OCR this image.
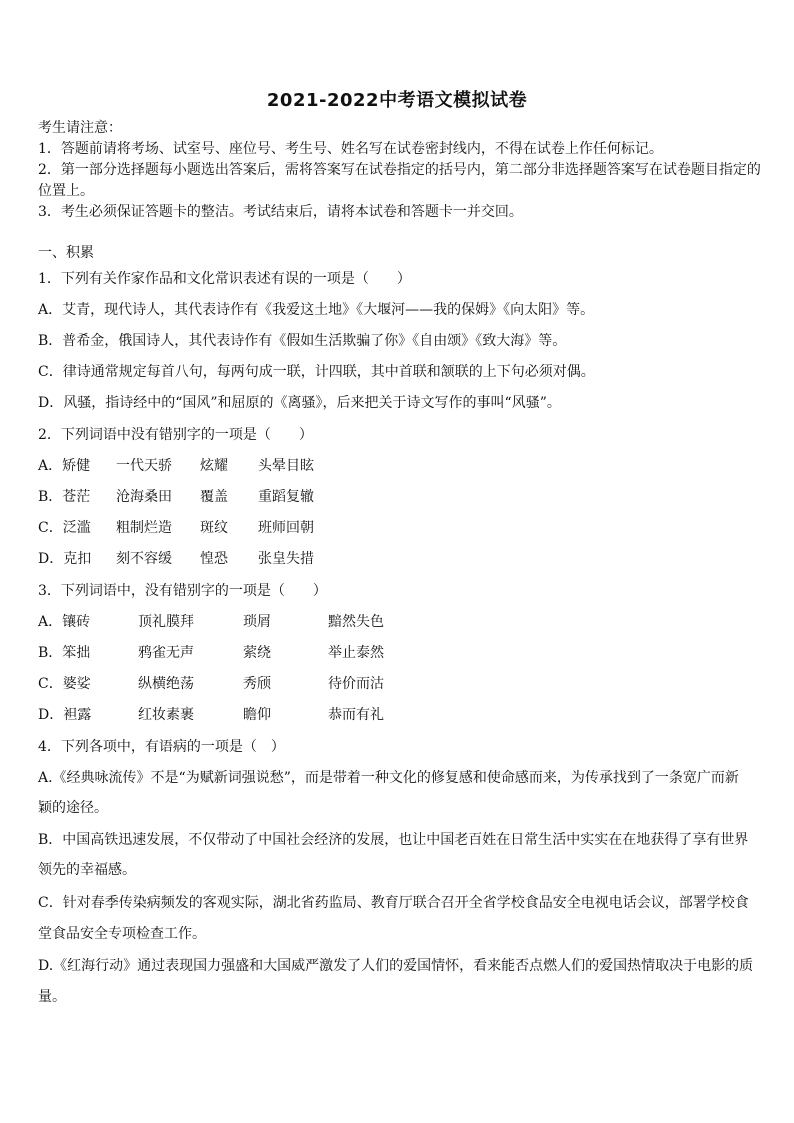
2021-2022中考语文模拟试卷
考生请注意：
1．答题前请将考场、试室号、座位号、考生号、姓名写在试卷密封线内，不得在试卷上作任何标记。
2．第一部分选择题每小题选出答案后，需将答案写在试卷指定的括号内，第二部分非选择题答案写在试卷题目指定的
位置上。
3．考生必须保证答题卡的整洁。考试结束后，请将本试卷和答题卡一并交回。
一、积累
1．下列有关作家作品和文化常识表述有误的一项是（　　）
A．艾青，现代诗人，其代表诗作有《我爱这土地》《大堰河——我的保姆》《向太阳》等。
B．普希金，俄国诗人，其代表诗作有《假如生活欺骗了你》《自由颂》《致大海》等。
C．律诗通常规定每首八句，每两句成一联，计四联，其中首联和颔联的上下句必须对偶。
D．风骚，指诗经中的“国风”和屈原的《离骚》，后来把关于诗文写作的事叫“风骚”。
2．下列词语中没有错别字的一项是（　　）
A．矫健 一代天骄 炫耀 头晕目眩
B．苍茫 沧海桑田 覆盖 重蹈复辙
C．泛滥 粗制烂造 斑纹 班师回朝
D．克扣 刻不容缓 惶恐 张皇失措
3．下列词语中，没有错别字的一项是（　　）
A．镶砖	顶礼膜拜	琐屑	黯然失色
B．笨拙	鸦雀无声	萦绕	举止泰然
C．婆娑	纵横绝荡	秀颀	待价而沽
D．袒露	红妆素裹	瞻仰	恭而有礼
4．下列各项中，有语病的一项是（　）
A.《经典咏流传》不是“为赋新词强说愁”，而是带着一种文化的修复感和使命感而来，为传承找到了一条宽广而新
颖的途径。
B．中国高铁迅速发展，不仅带动了中国社会经济的发展，也让中国老百姓在日常生活中实实在在地获得了享有世界
领先的幸福感。
C．针对春季传染病频发的客观实际，湖北省药监局、教育厅联合召开全省学校食品安全电视电话会议，部署学校食
堂食品安全专项检查工作。
D.《红海行动》通过表现国力强盛和大国威严激发了人们的爱国情怀，看来能否点燃人们的爱国热情取决于电影的质
量。
